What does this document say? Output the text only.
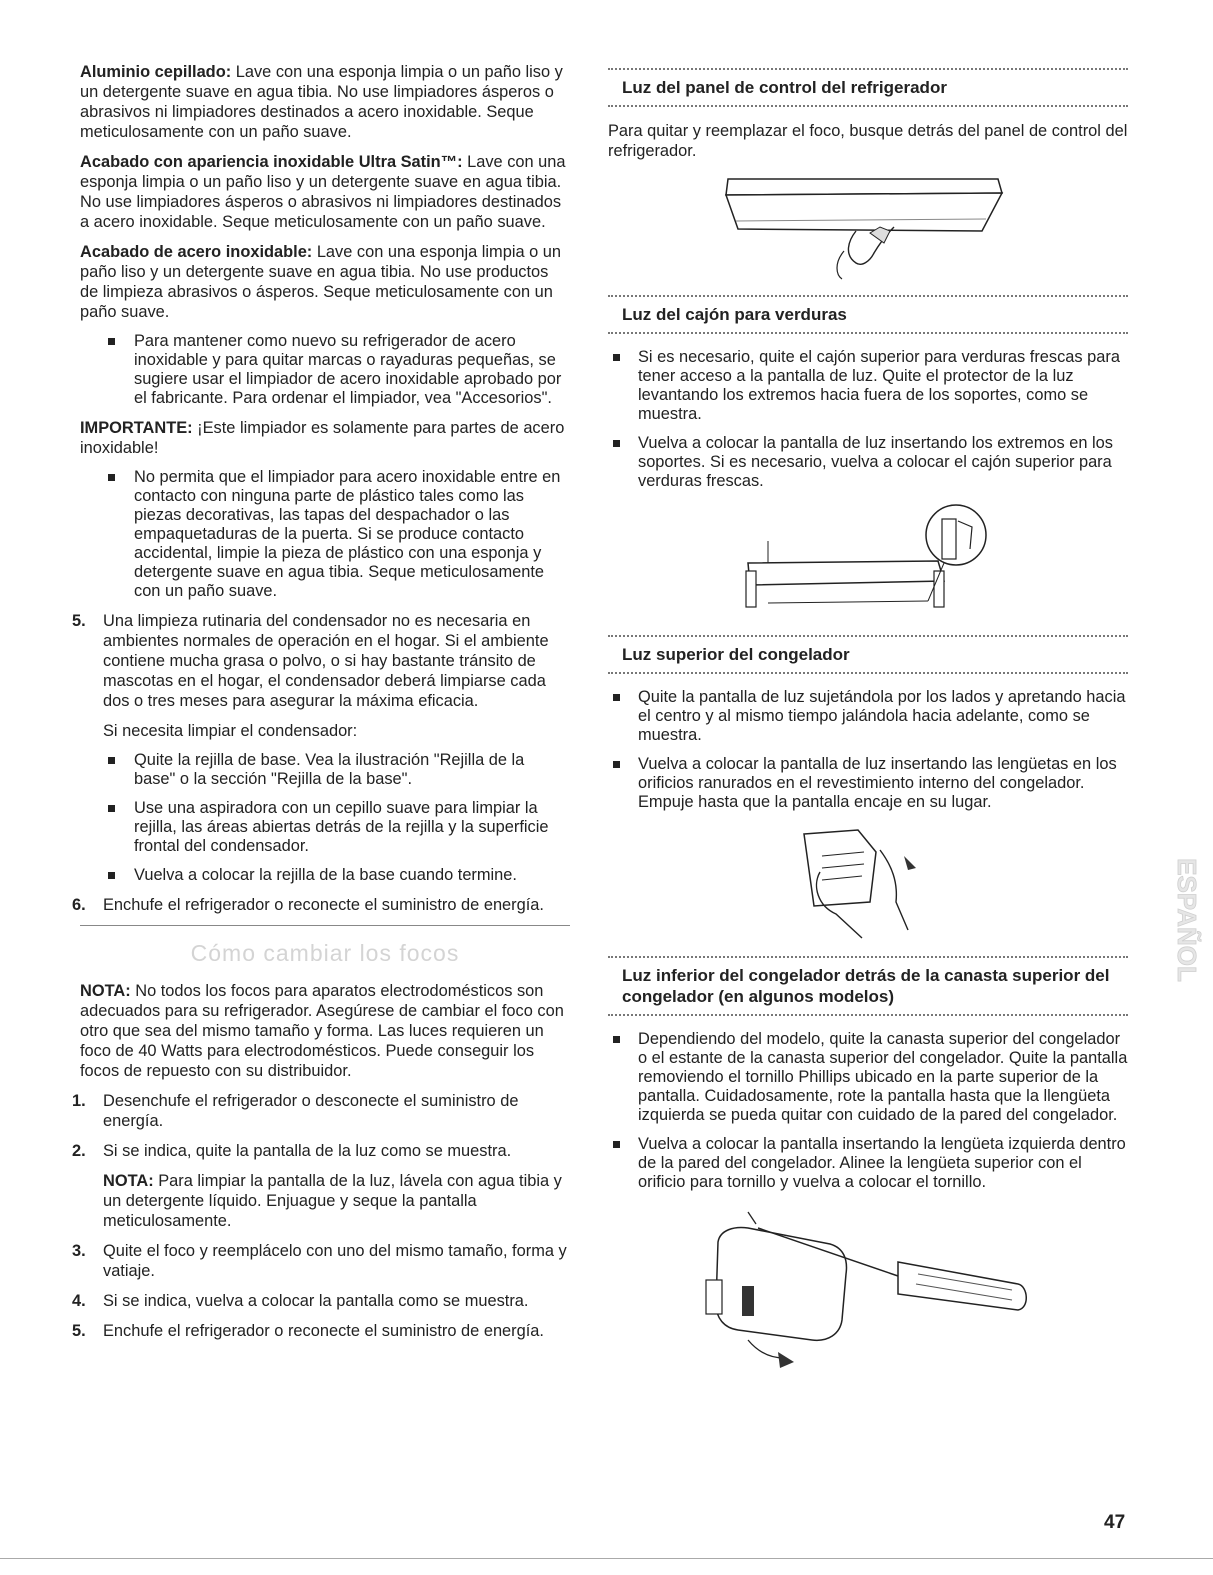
Aluminio cepillado: Lave con una esponja limpia o un paño liso y un detergente suave en agua tibia. No use limpiadores ásperos o abrasivos ni limpiadores destinados a acero inoxidable. Seque meticulosamente con un paño suave.

Acabado con apariencia inoxidable Ultra Satin™: Lave con una esponja limpia o un paño liso y un detergente suave en agua tibia. No use limpiadores ásperos o abrasivos ni limpiadores destinados a acero inoxidable. Seque meticulosamente con un paño suave.

Acabado de acero inoxidable: Lave con una esponja limpia o un paño liso y un detergente suave en agua tibia. No use productos de limpieza abrasivos o ásperos. Seque meticulosamente con un paño suave.

Para mantener como nuevo su refrigerador de acero inoxidable y para quitar marcas o rayaduras pequeñas, se sugiere usar el limpiador de acero inoxidable aprobado por el fabricante. Para ordenar el limpiador, vea "Accesorios".

IMPORTANTE: ¡Este limpiador es solamente para partes de acero inoxidable!

No permita que el limpiador para acero inoxidable entre en contacto con ninguna parte de plástico tales como las piezas decorativas, las tapas del despachador o las empaquetaduras de la puerta. Si se produce contacto accidental, limpie la pieza de plástico con una esponja y detergente suave en agua tibia. Seque meticulosamente con un paño suave.
5. Una limpieza rutinaria del condensador no es necesaria en ambientes normales de operación en el hogar. Si el ambiente contiene mucha grasa o polvo, o si hay bastante tránsito de mascotas en el hogar, el condensador deberá limpiarse cada dos o tres meses para asegurar la máxima eficacia.

Si necesita limpiar el condensador:

Quite la rejilla de base. Vea la ilustración "Rejilla de la base" o la sección "Rejilla de la base".
Use una aspiradora con un cepillo suave para limpiar la rejilla, las áreas abiertas detrás de la rejilla y la superficie frontal del condensador.
Vuelva a colocar la rejilla de la base cuando termine.
6. Enchufe el refrigerador o reconecte el suministro de energía.
Cómo cambiar los focos

NOTA: No todos los focos para aparatos electrodomésticos son adecuados para su refrigerador. Asegúrese de cambiar el foco con otro que sea del mismo tamaño y forma. Las luces requieren un foco de 40 Watts para electrodomésticos. Puede conseguir los focos de repuesto con su distribuidor.

1. Desenchufe el refrigerador o desconecte el suministro de energía.
2. Si se indica, quite la pantalla de la luz como se muestra.

NOTA: Para limpiar la pantalla de la luz, lávela con agua tibia y un detergente líquido. Enjuague y seque la pantalla meticulosamente.

3. Quite el foco y reemplácelo con uno del mismo tamaño, forma y vatiaje.
4. Si se indica, vuelva a colocar la pantalla como se muestra.
5. Enchufe el refrigerador o reconecte el suministro de energía.
Luz del panel de control del refrigerador

Para quitar y reemplazar el foco, busque detrás del panel de control del refrigerador.

Luz del cajón para verduras
Si es necesario, quite el cajón superior para verduras frescas para tener acceso a la pantalla de luz. Quite el protector de la luz levantando los extremos hacia fuera de los soportes, como se muestra.
Vuelva a colocar la pantalla de luz insertando los extremos en los soportes. Si es necesario, vuelva a colocar el cajón superior para verduras frescas.
Luz superior del congelador
Quite la pantalla de luz sujetándola por los lados y apretando hacia el centro y al mismo tiempo jalándola hacia adelante, como se muestra.
Vuelva a colocar la pantalla de luz insertando las lengüetas en los orificios ranurados en el revestimiento interno del congelador. Empuje hasta que la pantalla encaje en su lugar.
Luz inferior del congelador detrás de la canasta superior del congelador (en algunos modelos)
Dependiendo del modelo, quite la canasta superior del congelador o el estante de la canasta superior del congelador. Quite la pantalla removiendo el tornillo Phillips ubicado en la parte superior de la pantalla. Cuidadosamente, rote la pantalla hasta que la llengüeta izquierda se pueda quitar con cuidado de la pared del congelador.
Vuelva a colocar la pantalla insertando la lengüeta izquierda dentro de la pared del congelador. Alinee la lengüeta superior con el orificio para tornillo y vuelva a colocar el tornillo.
ESPAÑOL
47
